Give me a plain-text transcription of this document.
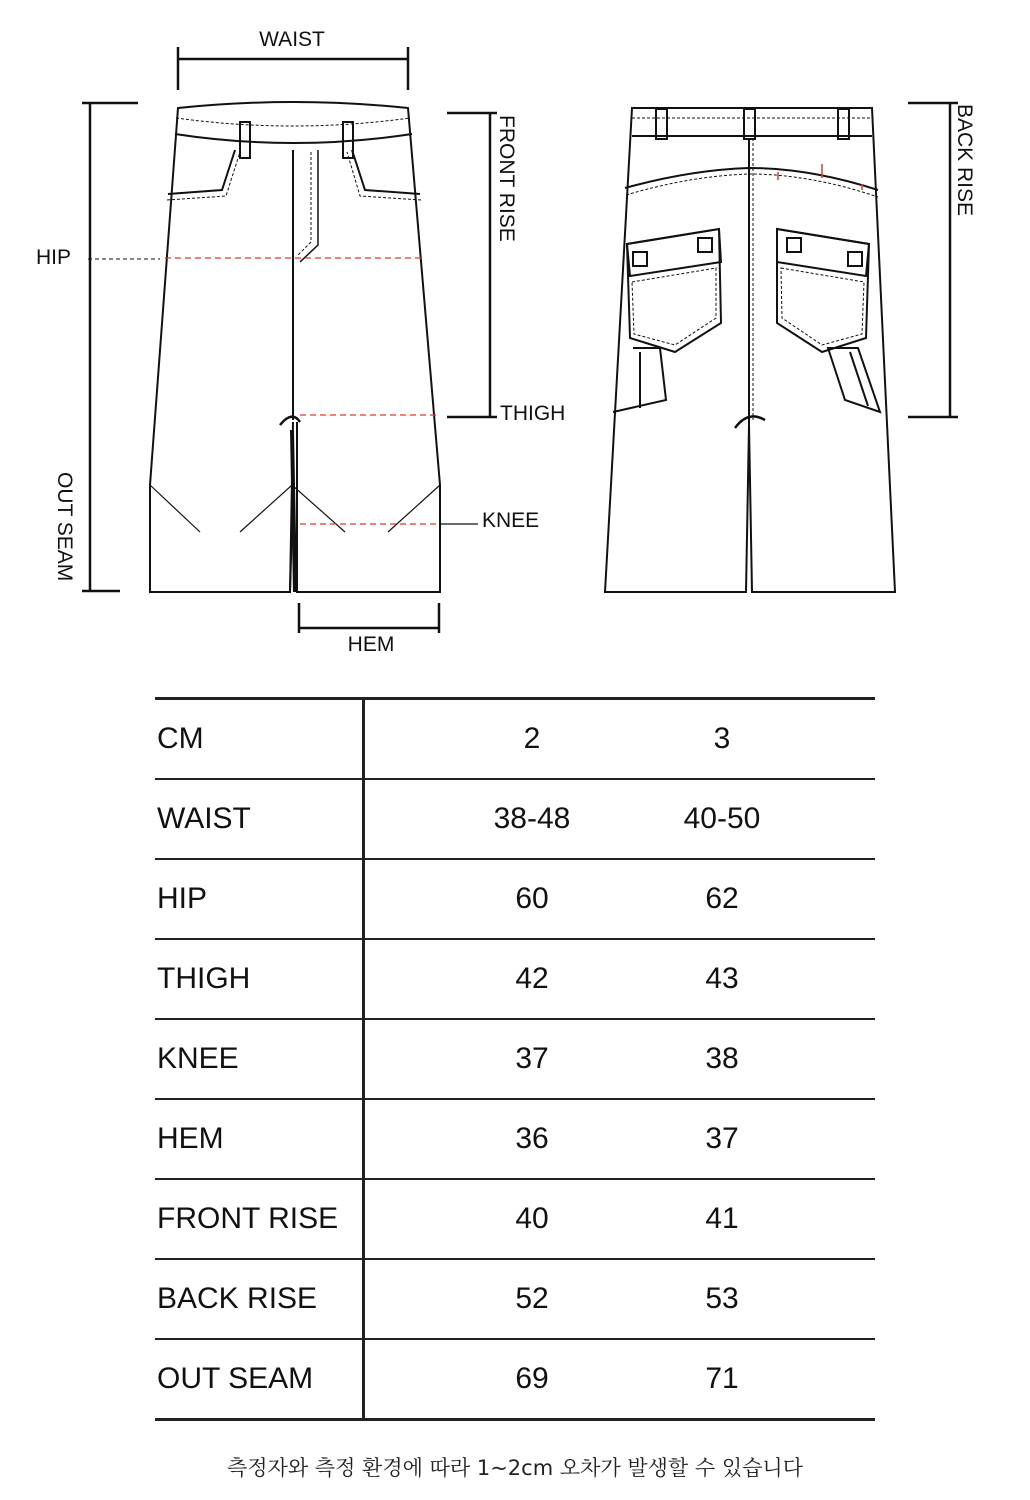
WAIST
HIP
FRONT RISE
THIGH
KNEE
HEM
OUT SEAM
BACK RISE
CM		2		3	
WAIST		38-48		40-50	
HIP		60		62	
THIGH		42		43	
KNEE		37		38	
HEM		36		37	
FRONT RISE		40		41	
BACK RISE		52		53	
OUT SEAM		69		71	
측정자와 측정 환경에 따라 1~2cm 오차가 발생할 수 있습니다
